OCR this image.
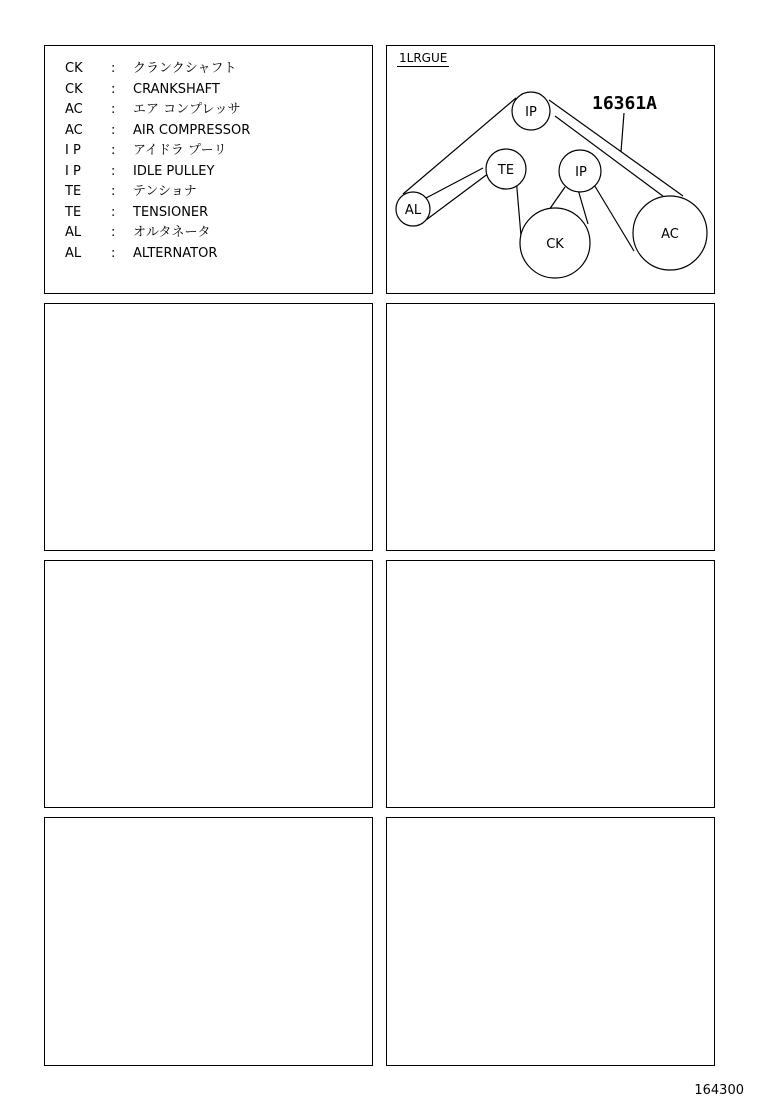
CK	: クランクシャフト
CK	: CRANKSHAFT
AC	: エア コンプレッサ
AC	: AIR COMPRESSOR
I P	: アイドラ プーリ
I P	: IDLE PULLEY
TE	: テンショナ
TE	: TENSIONER
AL	: オルタネータ
AL	: ALTERNATOR
1LRGUE
IP
TE	IP
AL
CK
AC
16361A
164300
